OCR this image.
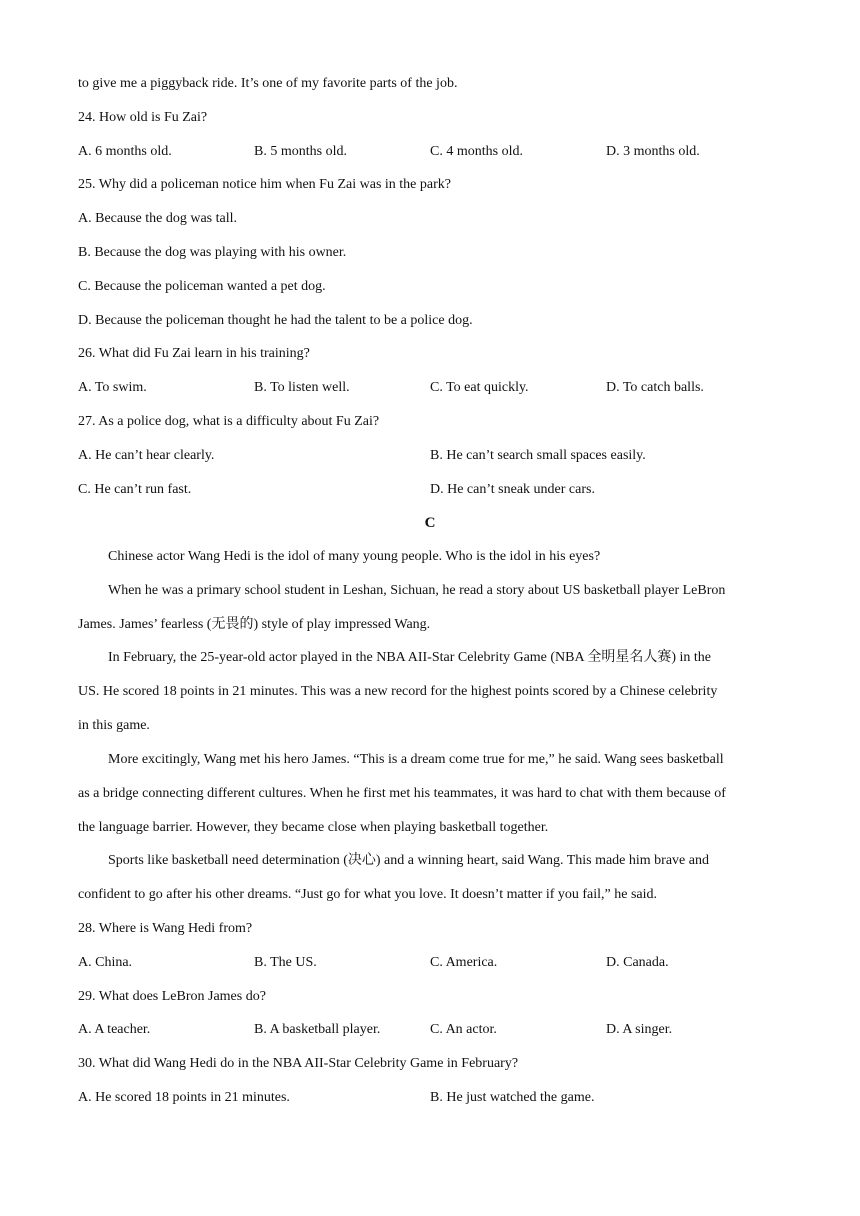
to give me a piggyback ride. It’s one of my favorite parts of the job.
24. How old is Fu Zai?
A. 6 months old.	B. 5 months old.	C. 4 months old.	D. 3 months old.
25. Why did a policeman notice him when Fu Zai was in the park?
A. Because the dog was tall.
B. Because the dog was playing with his owner.
C. Because the policeman wanted a pet dog.
D. Because the policeman thought he had the talent to be a police dog.
26. What did Fu Zai learn in his training?
A. To swim.	B. To listen well.	C. To eat quickly.	D. To catch balls.
27. As a police dog, what is a difficulty about Fu Zai?
A. He can’t hear clearly.	B. He can’t search small spaces easily.
C. He can’t run fast.	D. He can’t sneak under cars.
C
Chinese actor Wang Hedi is the idol of many young people. Who is the idol in his eyes?
When he was a primary school student in Leshan, Sichuan, he read a story about US basketball player LeBron
James. James’ fearless (无畏的) style of play impressed Wang.
In February, the 25-year-old actor played in the NBA AII-Star Celebrity Game (NBA 全明星名人赛) in the
US. He scored 18 points in 21 minutes. This was a new record for the highest points scored by a Chinese celebrity
in this game.
More excitingly, Wang met his hero James. “This is a dream come true for me,” he said. Wang sees basketball
as a bridge connecting different cultures. When he first met his teammates, it was hard to chat with them because of
the language barrier. However, they became close when playing basketball together.
Sports like basketball need determination (决心) and a winning heart, said Wang. This made him brave and
confident to go after his other dreams. “Just go for what you love. It doesn’t matter if you fail,” he said.
28. Where is Wang Hedi from?
A. China.	B. The US.	C. America.	D. Canada.
29. What does LeBron James do?
A. A teacher.	B. A basketball player.	C. An actor.	D. A singer.
30. What did Wang Hedi do in the NBA AII-Star Celebrity Game in February?
A. He scored 18 points in 21 minutes.	B. He just watched the game.
